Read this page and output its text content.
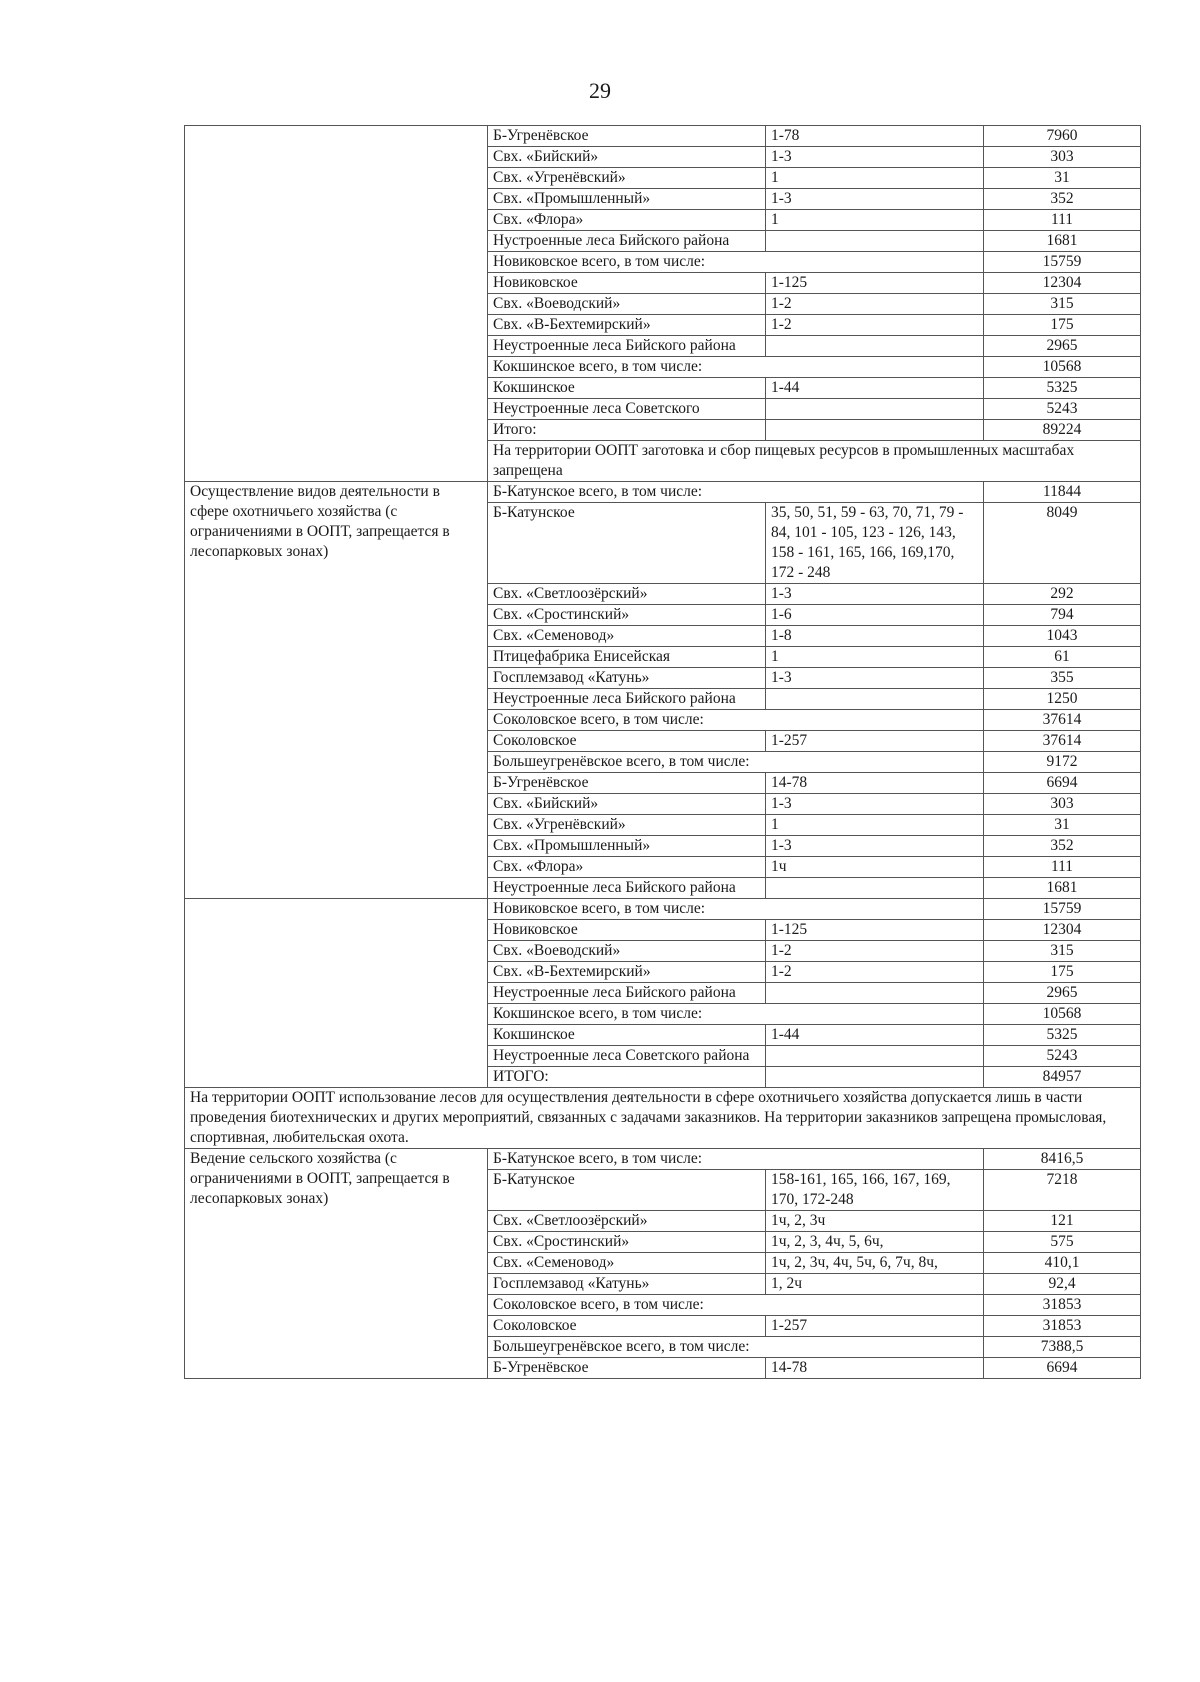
29
	Б-Угренёвское	1-78	7960
	Свх. «Бийский»	1-3	303
	Свх. «Угренёвский»	1	31
	Свх. «Промышленный»	1-3	352
	Свх. «Флора»	1	111
	Нустроенные леса Бийского района		1681
	Новиковское всего, в том числе:		15759
	Новиковское	1-125	12304
	Свх. «Воеводский»	1-2	315
	Свх. «В-Бехтемирский»	1-2	175
	Неустроенные леса Бийского района		2965
	Кокшинское всего, в том числе:		10568
	Кокшинское	1-44	5325
	Неустроенные леса Советского		5243
	Итого:		89224
	На территории ООПТ заготовка и сбор пищевых ресурсов в промышленных масштабах запрещена		
Осуществление видов деятельности в сфере охотничьего хозяйства (с ограничениями в ООПТ, запрещается в лесопарковых зонах)	Б-Катунское всего, в том числе:		11844
	Б-Катунское	35, 50, 51, 59 - 63, 70, 71, 79 - 84, 101 - 105, 123 - 126, 143, 158 - 161, 165, 166, 169,170, 172 - 248	8049
	Свх. «Светлоозёрский»	1-3	292
	Свх. «Сростинский»	1-6	794
	Свх. «Семеновод»	1-8	1043
	Птицефабрика Енисейская	1	61
	Госплемзавод «Катунь»	1-3	355
	Неустроенные леса Бийского района		1250
	Соколовское всего, в том числе:		37614
	Соколовское	1-257	37614
	Большеугренёвское всего, в том числе:		9172
	Б-Угренёвское	14-78	6694
	Свх. «Бийский»	1-3	303
	Свх. «Угренёвский»	1	31
	Свх. «Промышленный»	1-3	352
	Свх. «Флора»	1ч	111
	Неустроенные леса Бийского района		1681
	Новиковское всего, в том числе:		15759
	Новиковское	1-125	12304
	Свх. «Воеводский»	1-2	315
	Свх. «В-Бехтемирский»	1-2	175
	Неустроенные леса Бийского района		2965
	Кокшинское всего, в том числе:		10568
	Кокшинское	1-44	5325
	Неустроенные леса Советского района		5243
	ИТОГО:		84957
На территории ООПТ использование лесов для осуществления деятельности в сфере охотничьего хозяйства допускается лишь в части проведения биотехнических и других мероприятий, связанных с задачами заказников. На территории заказников запрещена промысловая, спортивная, любительская охота.			
Ведение сельского хозяйства (с ограничениями в ООПТ, запрещается в лесопарковых зонах)	Б-Катунское всего, в том числе:		8416,5
	Б-Катунское	158-161, 165, 166, 167, 169, 170, 172-248	7218
	Свх. «Светлоозёрский»	1ч, 2, 3ч	121
	Свх. «Сростинский»	1ч, 2, 3, 4ч, 5, 6ч,	575
	Свх. «Семеновод»	1ч, 2, 3ч, 4ч, 5ч, 6, 7ч, 8ч,	410,1
	Госплемзавод «Катунь»	1, 2ч	92,4
	Соколовское всего, в том числе:		31853
	Соколовское	1-257	31853
	Большеугренёвское всего, в том числе:		7388,5
	Б-Угренёвское	14-78	6694
